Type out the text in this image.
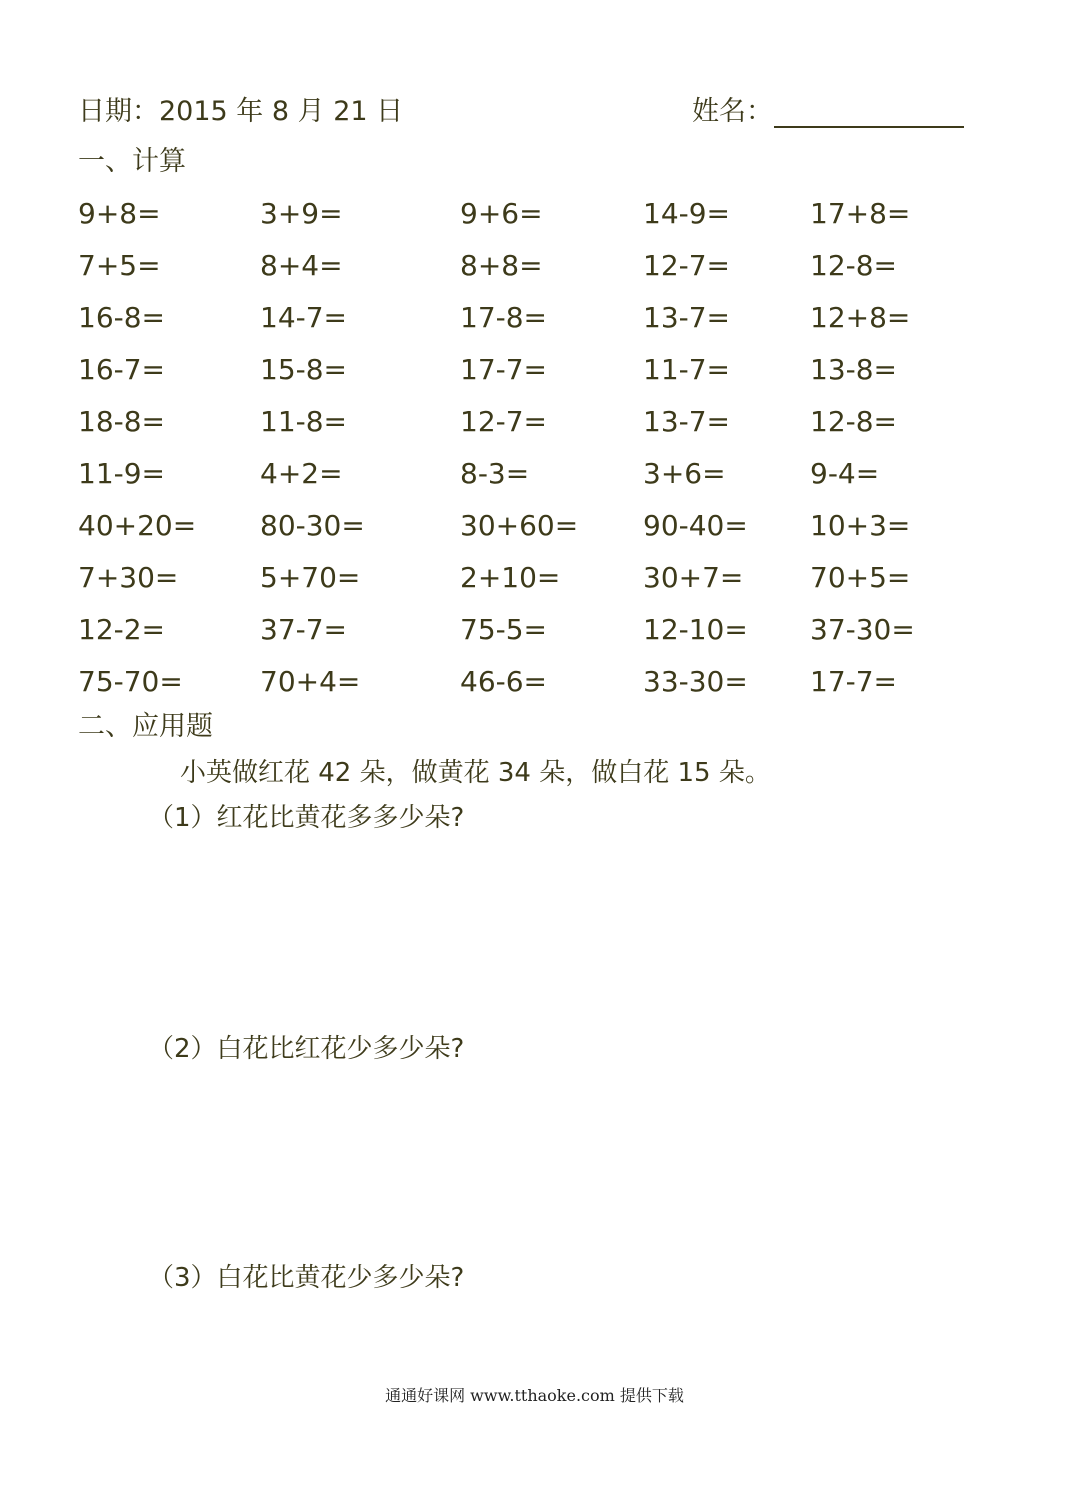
日期：2015 年 8 月 21 日	姓名：
一、计算
9+8=	3+9=	9+6=	14-9=	17+8=
7+5=	8+4=	8+8=	12-7=	12-8=
16-8=	14-7=	17-8=	13-7=	12+8=
16-7=	15-8=	17-7=	11-7=	13-8=
18-8=	11-8=	12-7=	13-7=	12-8=
11-9=	4+2=	8-3=	3+6=	9-4=
40+20= 80-30=	30+60= 90-40= 10+3=
7+30=	5+70=	2+10=	30+7= 70+5=
12-2=	37-7=	75-5=	12-10= 37-30=
75-70=	70+4=	46-6=	33-30= 17-7=
二、应用题
小英做红花 42 朵，做黄花 34 朵，做白花 15 朵。
（1）红花比黄花多多少朵?
（2）白花比红花少多少朵?
（3）白花比黄花少多少朵?
通通好课网 www.tthaoke.com 提供下载
